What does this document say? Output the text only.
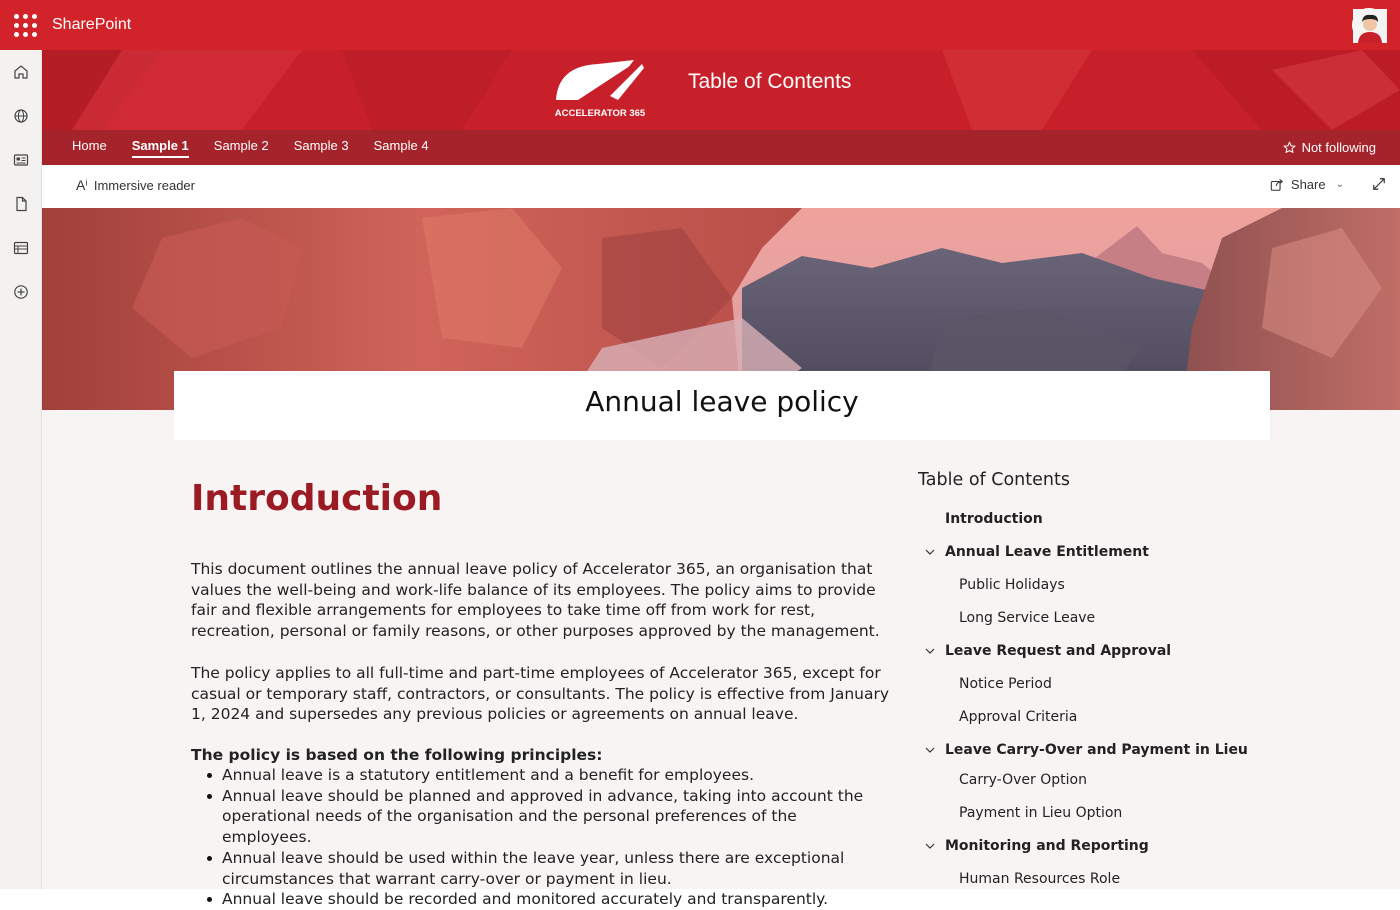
SharePoint
ACCELERATOR 365
Table of Contents
Home Sample 1 Sample 2 Sample 3 Sample 4	Not following
Aⁱ Immersive reader	Share ⌄
Annual leave policy
Introduction

This document outlines the annual leave policy of Accelerator 365, an organisation that values the well-being and work-life balance of its employees. The policy aims to provide fair and flexible arrangements for employees to take time off from work for rest, recreation, personal or family reasons, or other purposes approved by the management.

The policy applies to all full-time and part-time employees of Accelerator 365, except for casual or temporary staff, contractors, or consultants. The policy is effective from January 1, 2024 and supersedes any previous policies or agreements on annual leave.

The policy is based on the following principles:

Annual leave is a statutory entitlement and a benefit for employees.
Annual leave should be planned and approved in advance, taking into account the operational needs of the organisation and the personal preferences of the employees.
Annual leave should be used within the leave year, unless there are exceptional circumstances that warrant carry-over or payment in lieu.
Annual leave should be recorded and monitored accurately and transparently.
Table of Contents
Introduction
Annual Leave Entitlement
Public Holidays
Long Service Leave
Leave Request and Approval
Notice Period
Approval Criteria
Leave Carry-Over and Payment in Lieu
Carry-Over Option
Payment in Lieu Option
Monitoring and Reporting
Human Resources Role
